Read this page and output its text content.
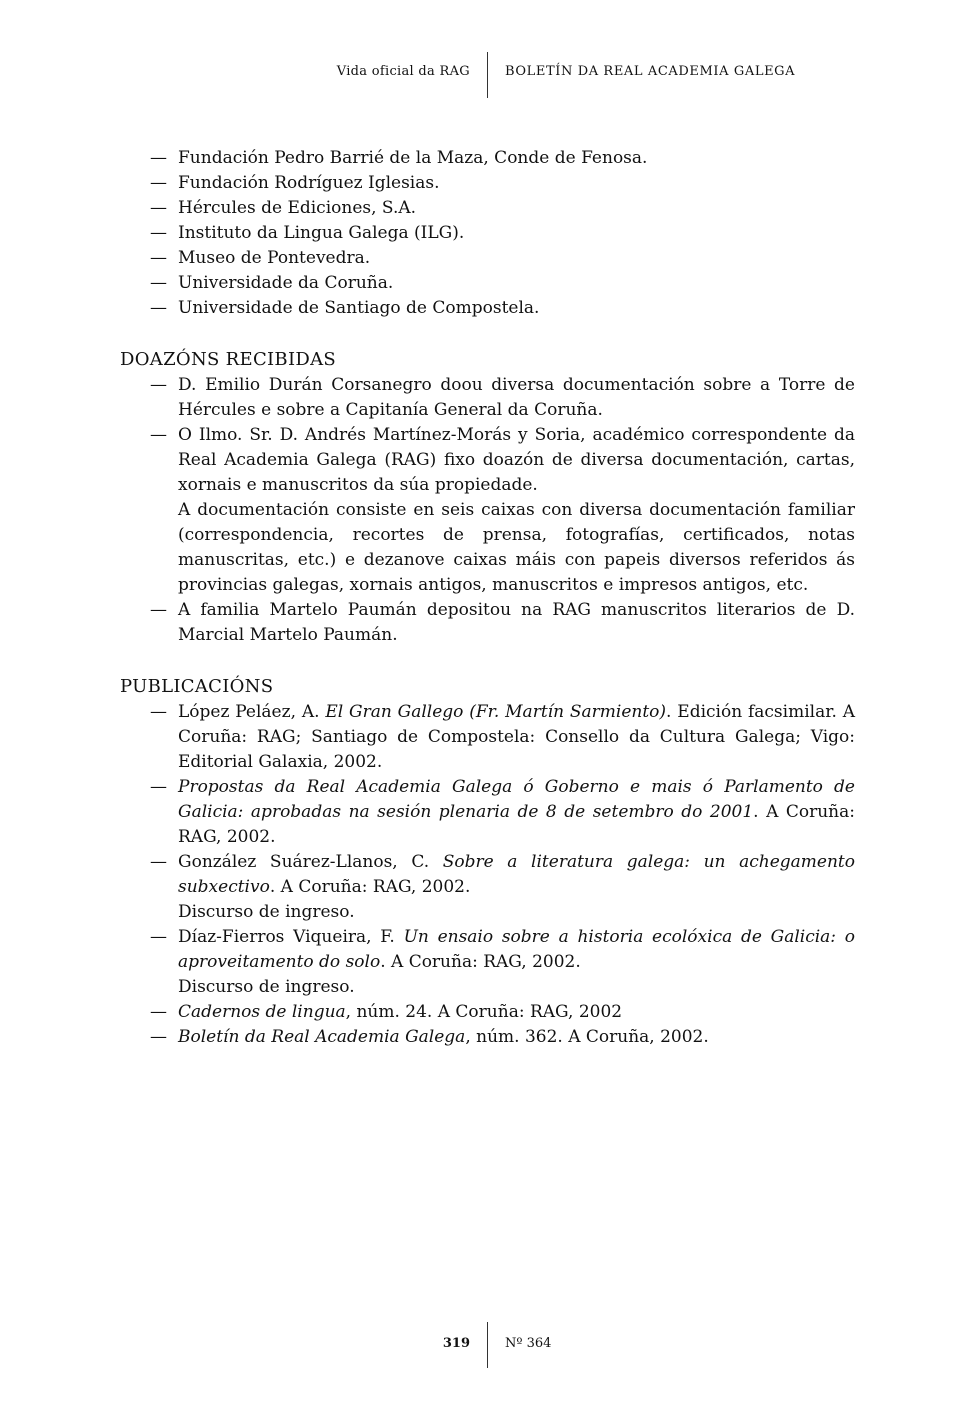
Vida oficial da RAG	BOLETÍN DA REAL ACADEMIA GALEGA
— Fundación Pedro Barrié de la Maza, Conde de Fenosa.
— Fundación Rodríguez Iglesias.
— Hércules de Ediciones, S.A.
— Instituto da Lingua Galega (ILG).
— Museo de Pontevedra.
— Universidade da Coruña.
— Universidade de Santiago de Compostela.
DOAZÓNS RECIBIDAS
— D. Emilio Durán Corsanegro doou diversa documentación sobre a Torre de Hércules e sobre a Capitanía General da Coruña.
— O Ilmo. Sr. D. Andrés Martínez-Morás y Soria, académico correspondente da Real Academia Galega (RAG) fixo doazón de diversa documentación, cartas, xornais e manuscritos da súa propiedade.

A documentación consiste en seis caixas con diversa documentación familiar (correspondencia, recortes de prensa, fotografías, certificados, notas manuscritas, etc.) e dezanove caixas máis con papeis diversos referidos ás provincias galegas, xornais antigos, manuscritos e impresos antigos, etc.

— A familia Martelo Paumán depositou na RAG manuscritos literarios de D. Marcial Martelo Paumán.
PUBLICACIÓNS
— López Peláez, A. El Gran Gallego (Fr. Martín Sarmiento). Edición facsimilar. A Coruña: RAG; Santiago de Compostela: Consello da Cultura Galega; Vigo: Editorial Galaxia, 2002.

— Propostas da Real Academia Galega ó Goberno e mais ó Parlamento de Galicia: aprobadas na sesión plenaria de 8 de setembro do 2001. A Coruña: RAG, 2002.

— González Suárez-Llanos, C. Sobre a literatura galega: un achegamento subxectivo. A Coruña: RAG, 2002.

Discurso de ingreso.

— Díaz-Fierros Viqueira, F. Un ensaio sobre a historia ecolóxica de Galicia: o aproveitamento do solo. A Coruña: RAG, 2002.

Discurso de ingreso.

— Cadernos de lingua, núm. 24. A Coruña: RAG, 2002

— Boletín da Real Academia Galega, núm. 362. A Coruña, 2002.

319	Nº 364
